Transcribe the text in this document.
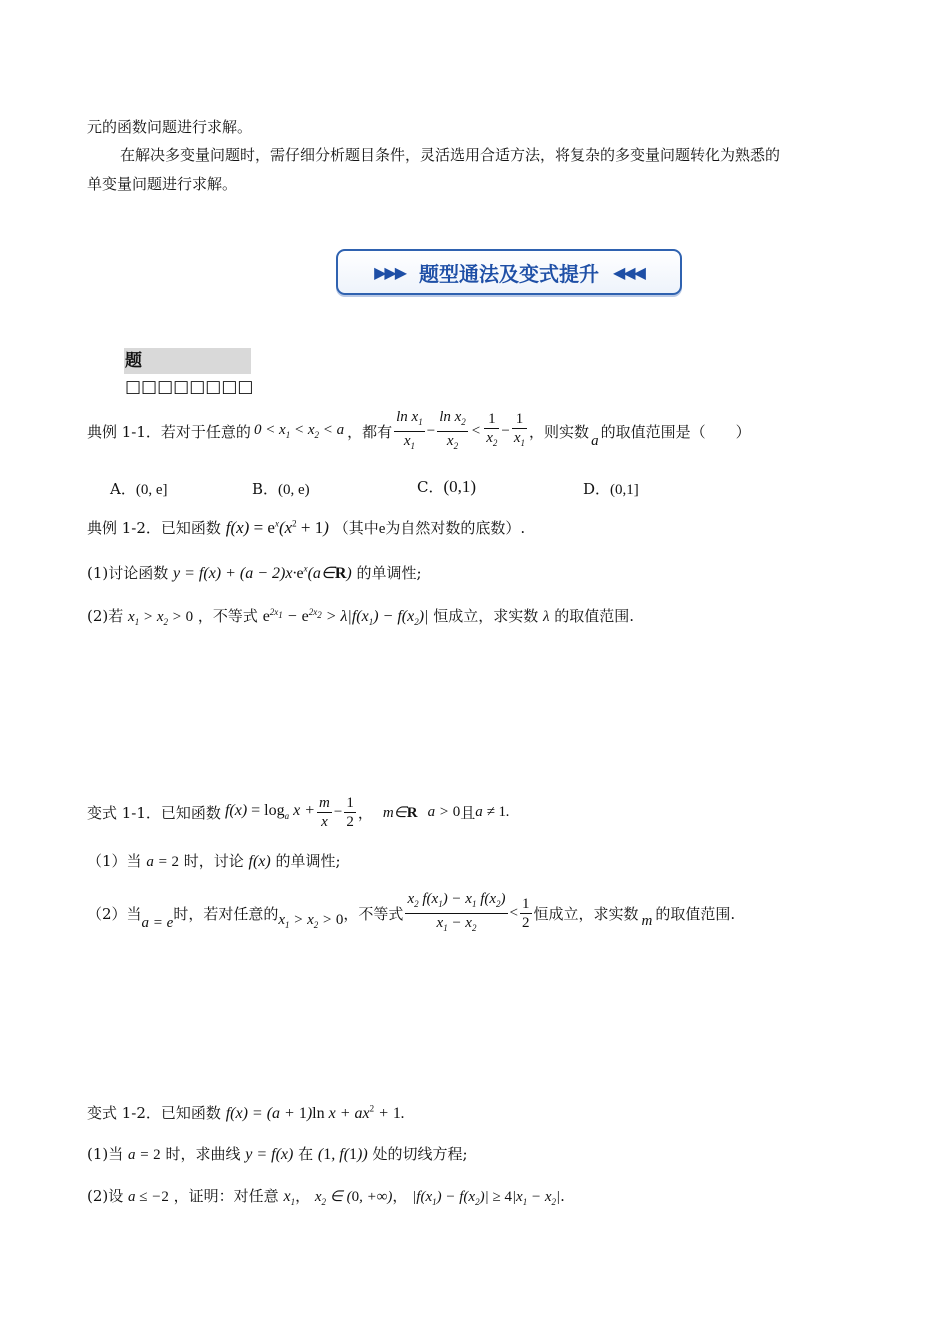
元的函数问题进行求解。
在解决多变量问题时，需仔细分析题目条件，灵活选用合适方法，将复杂的多变量问题转化为熟悉的
单变量问题进行求解。
▶▶▶ 题型通法及变式提升 ◀◀◀
题□□□□□□□□
典例 1-1．若对于任意的 $0 < x_1 < x_2 < a$ ，都有 $\frac{\ln x_1}{x_1} - \frac{\ln x_2}{x_2} < \frac{1}{x_2} - \frac{1}{x_1}$ ，则实数 a 的取值范围是（　　）
A．(0, e]	B．(0, e)	C．(0,1)	D．(0,1]
典例 1-2．已知函数 $f(x) = e^x(x^2 + 1)$ （其中e为自然对数的底数）.
(1)讨论函数 $y = f(x) + (a - 2)x\cdot e^x(a\in R)$ 的单调性;
(2)若 $x_1 > x_2 > 0$ ，不等式 $e^{2x_1} - e^{2x_2} > \lambda|f(x_1) - f(x_2)|$ 恒成立，求实数 λ 的取值范围.
变式 1-1．已知函数 $f(x) = \log_a x + \frac{m}{x} - \frac{1}{2}$ ， m∈R a > 0 且 a ≠ 1.
（1）当 a = 2 时，讨论 f(x) 的单调性;
（2）当 a = e 时，若对任意的 $x_1 > x_2 > 0$ ，不等式 $\frac{x_2 f(x_1) - x_1 f(x_2)}{x_1 - x_2} < \frac{1}{2}$ 恒成立，求实数 m 的取值范围.
变式 1-2．已知函数 f(x) = (a + 1)ln $x + ax^2 + 1$.
(1)当 a = 2 时，求曲线 y = f(x) 在 (1, f(1)) 处的切线方程;
(2)设 a ≤ −2 ，证明：对任意 $x_1$， $x_2$ ∈ (0, +∞)， $|f(x_1) - f(x_2)| \ge 4|x_1 - x_2|$.
